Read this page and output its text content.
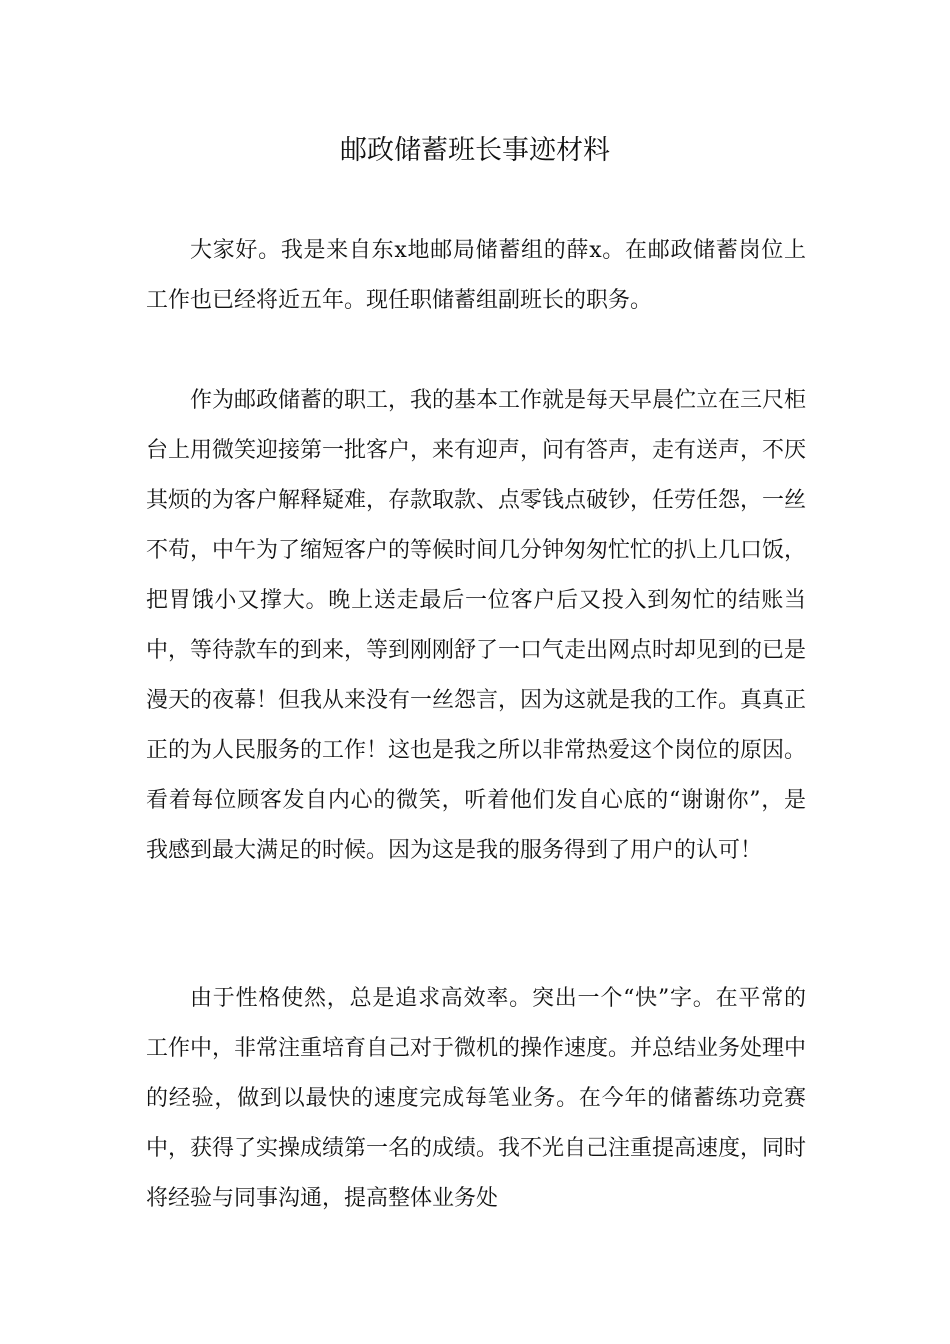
邮政储蓄班长事迹材料

大家好。我是来自东x地邮局储蓄组的薛x。在邮政储蓄岗位上工作也已经将近五年。现任职储蓄组副班长的职务。

作为邮政储蓄的职工，我的基本工作就是每天早晨伫立在三尺柜台上用微笑迎接第一批客户，来有迎声，问有答声，走有送声，不厌其烦的为客户解释疑难，存款取款、点零钱点破钞，任劳任怨，一丝不苟，中午为了缩短客户的等候时间几分钟匆匆忙忙的扒上几口饭，把胃饿小又撑大。晚上送走最后一位客户后又投入到匆忙的结账当中，等待款车的到来，等到刚刚舒了一口气走出网点时却见到的已是漫天的夜幕！但我从来没有一丝怨言，因为这就是我的工作。真真正正的为人民服务的工作！这也是我之所以非常热爱这个岗位的原因。看着每位顾客发自内心的微笑，听着他们发自心底的“谢谢你”，是我感到最大满足的时候。因为这是我的服务得到了用户的认可！

由于性格使然，总是追求高效率。突出一个“快”字。在平常的工作中，非常注重培育自己对于微机的操作速度。并总结业务处理中的经验，做到以最快的速度完成每笔业务。在今年的储蓄练功竞赛中，获得了实操成绩第一名的成绩。我不光自己注重提高速度，同时将经验与同事沟通，提高整体业务处
